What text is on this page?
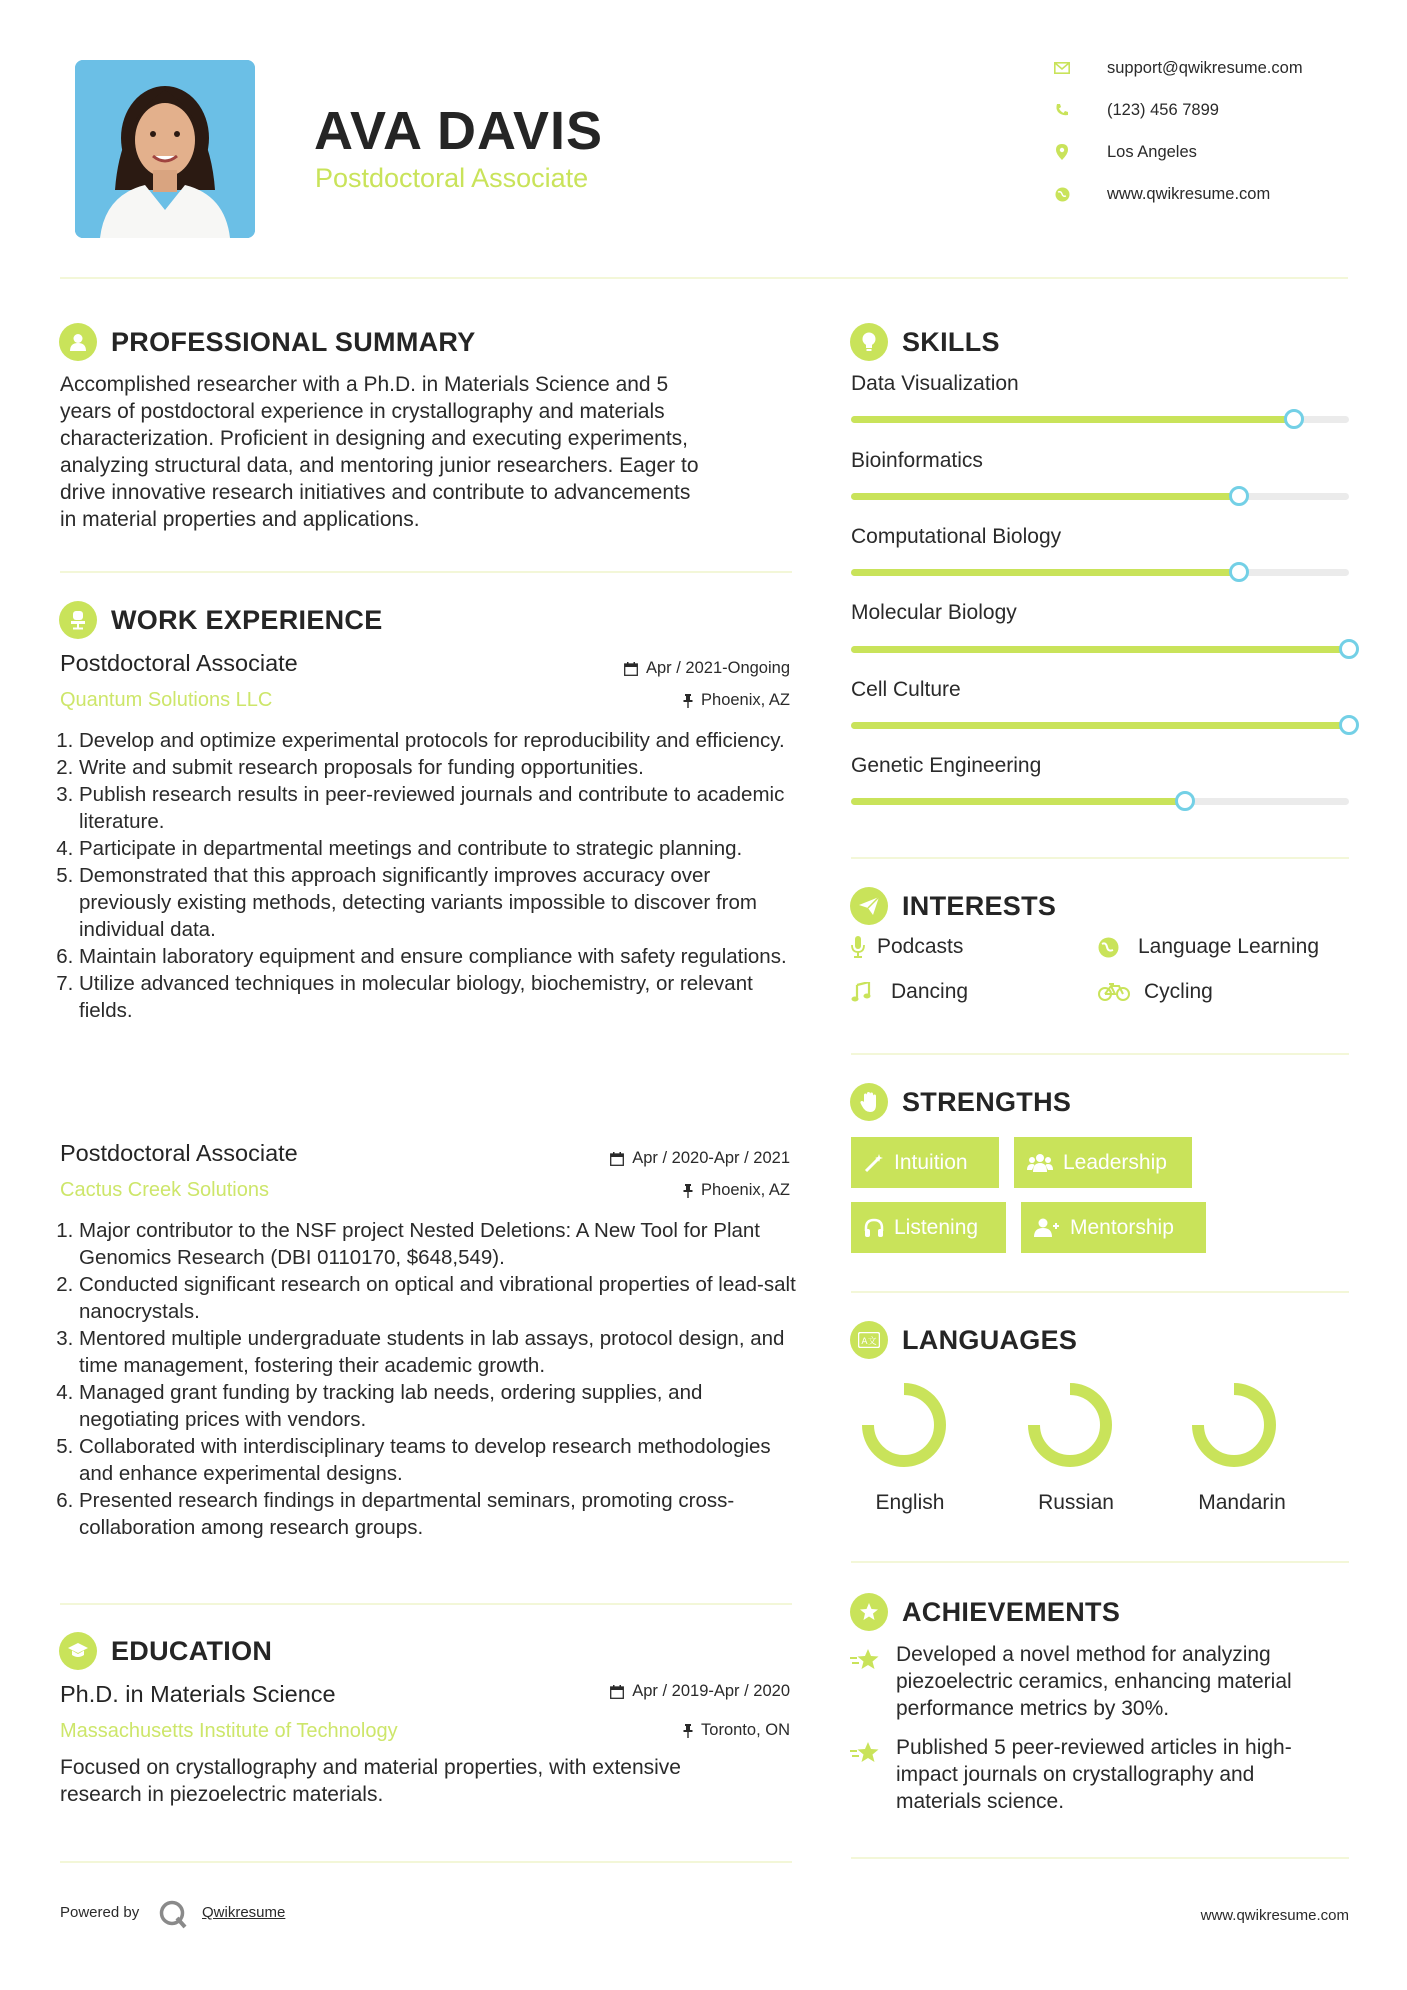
AVA DAVIS
Postdoctoral Associate
support@qwikresume.com
(123) 456 7899
Los Angeles
www.qwikresume.com
PROFESSIONAL SUMMARY
Accomplished researcher with a Ph.D. in Materials Science and 5
years of postdoctoral experience in crystallography and materials
characterization. Proficient in designing and executing experiments,
analyzing structural data, and mentoring junior researchers. Eager to
drive innovative research initiatives and contribute to advancements
in material properties and applications.
WORK EXPERIENCE
Postdoctoral Associate
Quantum Solutions LLC
Apr / 2021-Ongoing
Phoenix, AZ
1. Develop and optimize experimental protocols for reproducibility and efficiency.
2. Write and submit research proposals for funding opportunities.
3. Publish research results in peer-reviewed journals and contribute to academic literature.
4. Participate in departmental meetings and contribute to strategic planning.
5. Demonstrated that this approach significantly improves accuracy over previously existing methods, detecting variants impossible to discover from individual data.
6. Maintain laboratory equipment and ensure compliance with safety regulations.
7. Utilize advanced techniques in molecular biology, biochemistry, or relevant fields.
Postdoctoral Associate
Cactus Creek Solutions
Apr / 2020-Apr / 2021
Phoenix, AZ
1. Major contributor to the NSF project Nested Deletions: A New Tool for Plant Genomics Research (DBI 0110170, $648,549).
2. Conducted significant research on optical and vibrational properties of lead-salt nanocrystals.
3. Mentored multiple undergraduate students in lab assays, protocol design, and time management, fostering their academic growth.
4. Managed grant funding by tracking lab needs, ordering supplies, and negotiating prices with vendors.
5. Collaborated with interdisciplinary teams to develop research methodologies and enhance experimental designs.
6. Presented research findings in departmental seminars, promoting cross-collaboration among research groups.
EDUCATION
Ph.D. in Materials Science
Massachusetts Institute of Technology
Apr / 2019-Apr / 2020
Toronto, ON
Focused on crystallography and material properties, with extensive
research in piezoelectric materials.
SKILLS
Data Visualization
Bioinformatics
Computational Biology
Molecular Biology
Cell Culture
Genetic Engineering
INTERESTS
Podcasts	Language Learning
Dancing	Cycling
STRENGTHS
Intuition	Leadership
Listening	Mentorship
A文 LANGUAGES
English	Russian	Mandarin
ACHIEVEMENTS
Developed a novel method for analyzing
piezoelectric ceramics, enhancing material
performance metrics by 30%.
Published 5 peer-reviewed articles in high-
impact journals on crystallography and
materials science.
Powered by	Qwikresume	www.qwikresume.com
